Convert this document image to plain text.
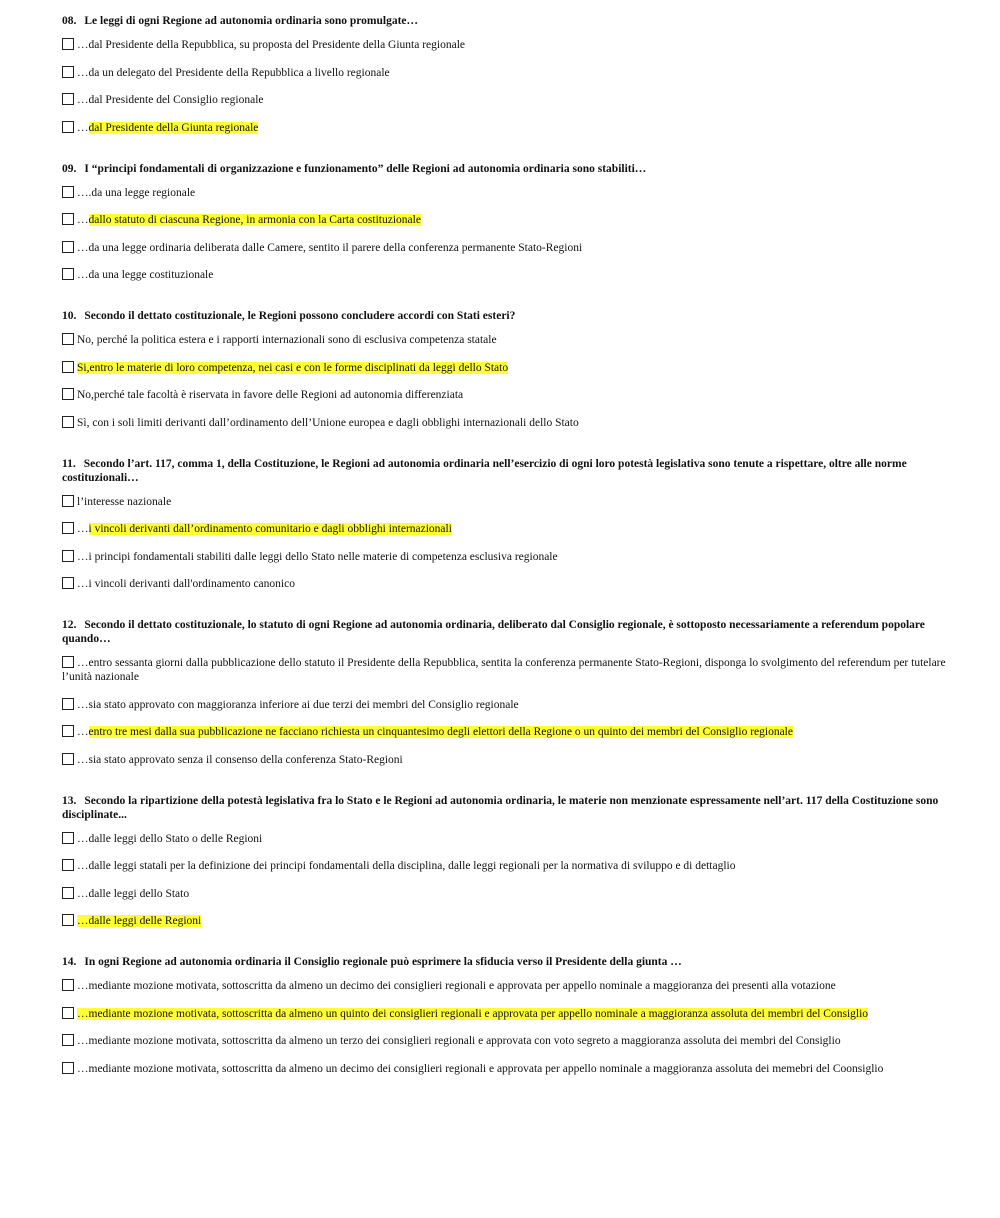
08. Le leggi di ogni Regione ad autonomia ordinaria sono promulgate…
…dal Presidente della Repubblica, su proposta del Presidente della Giunta regionale
…da un delegato del Presidente della Repubblica a livello regionale
…dal Presidente del Consiglio regionale
…dal Presidente della Giunta regionale
09. I “principi fondamentali di organizzazione e funzionamento” delle Regioni ad autonomia ordinaria sono stabiliti…
….da una legge regionale
…dallo statuto di ciascuna Regione, in armonia con la Carta costituzionale
…da una legge ordinaria deliberata dalle Camere, sentito il parere della conferenza permanente Stato-Regioni
…da una legge costituzionale
10. Secondo il dettato costituzionale, le Regioni possono concludere accordi con Stati esteri?
No, perché la politica estera e i rapporti internazionali sono di esclusiva competenza statale
Si,entro le materie di loro competenza, nei casi e con le forme disciplinati da leggi dello Stato
No,perché tale facoltà è riservata in favore delle Regioni ad autonomia differenziata
Sì, con i soli limiti derivanti dall’ordinamento dell’Unione europea e dagli obblighi internazionali dello Stato
11. Secondo l’art. 117, comma 1, della Costituzione, le Regioni ad autonomia ordinaria nell’esercizio di ogni loro potestà legislativa sono tenute a rispettare, oltre alle norme costituzionali…
l’interesse nazionale
…i vincoli derivanti dall’ordinamento comunitario e dagli obblighi internazionali
…i principi fondamentali stabiliti dalle leggi dello Stato nelle materie di competenza esclusiva regionale
…i vincoli derivanti dall'ordinamento canonico
12. Secondo il dettato costituzionale, lo statuto di ogni Regione ad autonomia ordinaria, deliberato dal Consiglio regionale, è sottoposto necessariamente a referendum popolare quando…
…entro sessanta giorni dalla pubblicazione dello statuto il Presidente della Repubblica, sentita la conferenza permanente Stato-Regioni, disponga lo svolgimento del referendum per tutelare l’unità nazionale
…sia stato approvato con maggioranza inferiore ai due terzi dei membri del Consiglio regionale
…entro tre mesi dalla sua pubblicazione ne facciano richiesta un cinquantesimo degli elettori della Regione o un quinto dei membri del Consiglio regionale
…sia stato approvato senza il consenso della conferenza Stato-Regioni
13. Secondo la ripartizione della potestà legislativa fra lo Stato e le Regioni ad autonomia ordinaria, le materie non menzionate espressamente nell’art. 117 della Costituzione sono disciplinate...
…dalle leggi dello Stato o delle Regioni
…dalle leggi statali per la definizione dei principi fondamentali della disciplina, dalle leggi regionali per la normativa di sviluppo e di dettaglio
…dalle leggi dello Stato
…dalle leggi delle Regioni
14. In ogni Regione ad autonomia ordinaria il Consiglio regionale può esprimere la sfiducia verso il Presidente della giunta …
…mediante mozione motivata, sottoscritta da almeno un decimo dei consiglieri regionali e approvata per appello nominale a maggioranza dei presenti alla votazione
…mediante mozione motivata, sottoscritta da almeno un quinto dei consiglieri regionali e approvata per appello nominale a maggioranza assoluta dei membri del Consiglio
…mediante mozione motivata, sottoscritta da almeno un terzo dei consiglieri regionali e approvata con voto segreto a maggioranza assoluta dei membri del Consiglio
…mediante mozione motivata, sottoscritta da almeno un decimo dei consiglieri regionali e approvata per appello nominale a maggioranza assoluta dei memebri del Coonsiglio
